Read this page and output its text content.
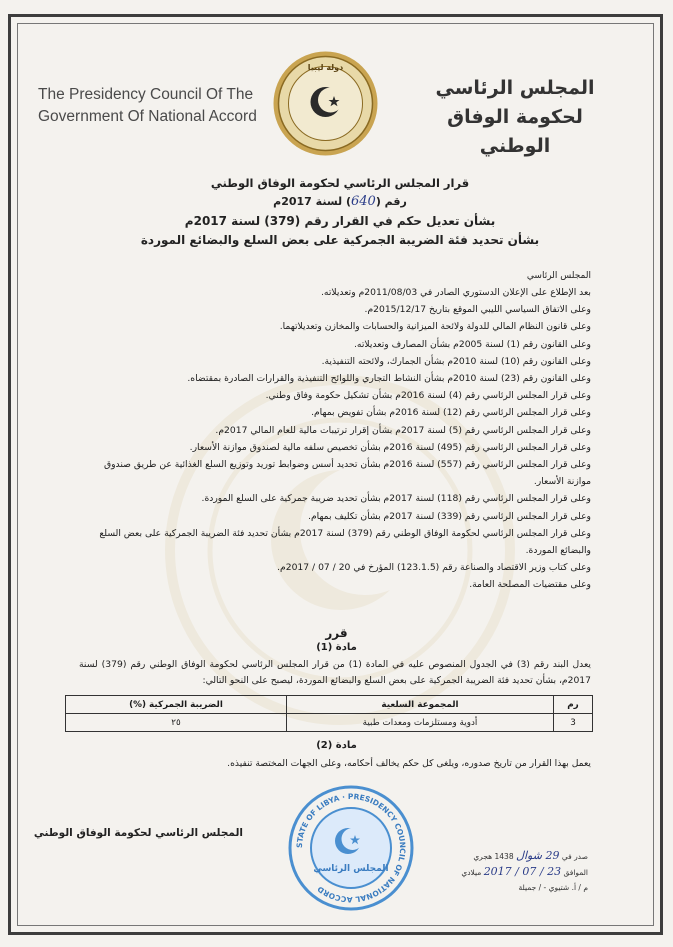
The Presidency Council Of The
Government Of National Accord
دولة ليبيا
المجلس الرئاسي
لحكومة الوفاق الوطني
قرار المجلس الرئاسي لحكومة الوفاق الوطني
رقم (640) لسنة 2017م
بشأن تعديل حكم في القرار رقم (379) لسنة 2017م
بشأن تحديد فئة الضريبة الجمركية على بعض السلع والبضائع الموردة
المجلس الرئاسي
بعد الإطلاع على الإعلان الدستوري الصادر في 2011/08/03م وتعديلاته.
وعلى الاتفاق السياسي الليبي الموقع بتاريخ 2015/12/17م.
وعلى قانون النظام المالي للدولة ولائحة الميزانية والحسابات والمخازن وتعديلاتهما.
وعلى القانون رقم (1) لسنة 2005م بشأن المصارف وتعديلاته.
وعلى القانون رقم (10) لسنة 2010م بشأن الجمارك، ولائحته التنفيذية.
وعلى القانون رقم (23) لسنة 2010م بشأن النشاط التجاري واللوائح التنفيذية والقرارات الصادرة بمقتضاه.
وعلى قرار المجلس الرئاسي رقم (4) لسنة 2016م بشأن تشكيل حكومة وفاق وطني.
وعلى قرار المجلس الرئاسي رقم (12) لسنة 2016م بشأن تفويض بمهام.
وعلى قرار المجلس الرئاسي رقم (5) لسنة 2017م بشأن إقرار ترتيبات مالية للعام المالي 2017م.
وعلى قرار المجلس الرئاسي رقم (495) لسنة 2016م بشأن تخصيص سلفه مالية لصندوق موازنة الأسعار.
وعلى قرار المجلس الرئاسي رقم (557) لسنة 2016م بشأن تحديد أسس وضوابط توريد وتوزيع السلع الغذائية عن طريق صندوق موازنة الأسعار.
وعلى قرار المجلس الرئاسي رقم (118) لسنة 2017م بشأن تحديد ضريبة جمركية على السلع الموردة.
وعلى قرار المجلس الرئاسي رقم (339) لسنة 2017م بشأن تكليف بمهام.
وعلى قرار المجلس الرئاسي لحكومة الوفاق الوطني رقم (379) لسنة 2017م بشأن تحديد فئة الضريبة الجمركية على بعض السلع والبضائع الموردة.
وعلى كتاب وزير الاقتصاد والصناعة رقم (123.1.5) المؤرخ في 20 / 07 / 2017م.
وعلى مقتضيات المصلحة العامة.
قرر
مادة (1)
يعدل البند رقم (3) في الجدول المنصوص عليه في المادة (1) من قرار المجلس الرئاسي لحكومة الوفاق الوطني رقم (379) لسنة 2017م، بشأن تحديد فئة الضريبة الجمركية على بعض السلع والبضائع الموردة، ليصبح على النحو التالي:
رم	المجموعة السلعية	الضريبة الجمركية (%)
3	أدوية ومستلزمات ومعدات طبية	٢٥
مادة (2)
يعمل بهذا القرار من تاريخ صدوره، ويلغى كل حكم يخالف أحكامه، وعلى الجهات المختصة تنفيذه.
المجلس الرئاسي لحكومة الوفاق الوطني
STATE OF LIBYA · PRESIDENCY COUNCIL OF NATIONAL ACCORD
المجلس الرئاسي
صدر في 29 شوال 1438 هجري
الموافق 23 / 07 / 2017 ميلادي
م / أ. شتيوي - / جميلة
